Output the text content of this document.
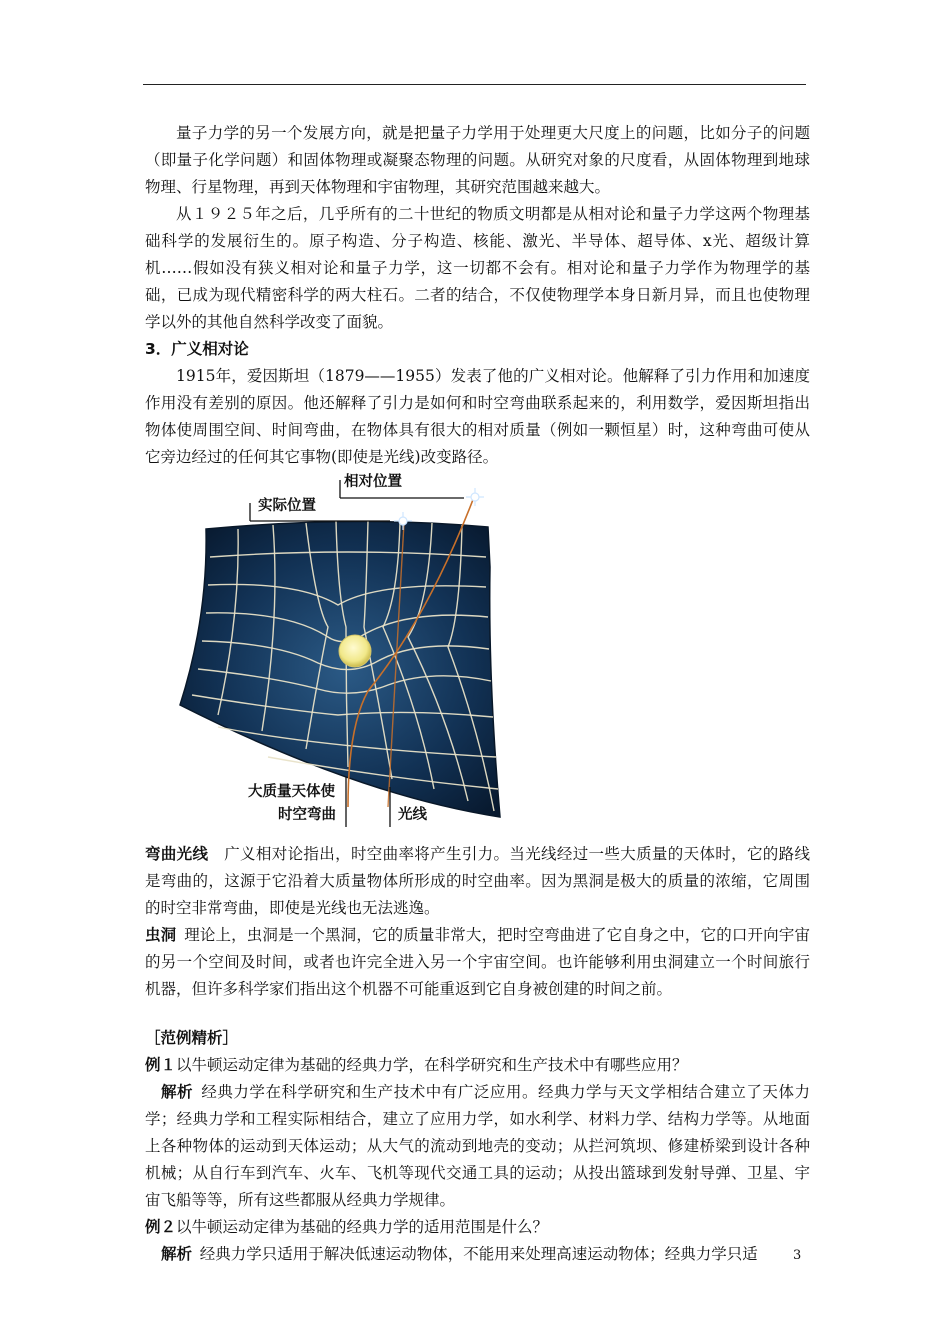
量子力学的另一个发展方向，就是把量子力学用于处理更大尺度上的问题，比如分子的问题（即量子化学问题）和固体物理或凝聚态物理的问题。从研究对象的尺度看，从固体物理到地球物理、行星物理，再到天体物理和宇宙物理，其研究范围越来越大。

从１９２５年之后，几乎所有的二十世纪的物质文明都是从相对论和量子力学这两个物理基础科学的发展衍生的。原子构造、分子构造、核能、激光、半导体、超导体、x光、超级计算机……假如没有狭义相对论和量子力学，这一切都不会有。相对论和量子力学作为物理学的基础，已成为现代精密科学的两大柱石。二者的结合，不仅使物理学本身日新月异，而且也使物理学以外的其他自然科学改变了面貌。

3．广义相对论

1915年，爱因斯坦（1879——1955）发表了他的广义相对论。他解释了引力作用和加速度作用没有差别的原因。他还解释了引力是如何和时空弯曲联系起来的，利用数学，爱因斯坦指出物体使周围空间、时间弯曲，在物体具有很大的相对质量（例如一颗恒星）时，这种弯曲可使从它旁边经过的任何其它事物(即使是光线)改变路径。

相对位置
实际位置
大质量天体使
时空弯曲	光线

弯曲光线  广义相对论指出，时空曲率将产生引力。当光线经过一些大质量的天体时，它的路线是弯曲的，这源于它沿着大质量物体所形成的时空曲率。因为黑洞是极大的质量的浓缩，它周围的时空非常弯曲，即使是光线也无法逃逸。

虫洞  理论上，虫洞是一个黑洞，它的质量非常大，把时空弯曲进了它自身之中，它的口开向宇宙的另一个空间及时间，或者也许完全进入另一个宇宙空间。也许能够利用虫洞建立一个时间旅行机器，但许多科学家们指出这个机器不可能重返到它自身被创建的时间之前。

［范例精析］

例１以牛顿运动定律为基础的经典力学，在科学研究和生产技术中有哪些应用？

解析  经典力学在科学研究和生产技术中有广泛应用。经典力学与天文学相结合建立了天体力学；经典力学和工程实际相结合，建立了应用力学，如水利学、材料力学、结构力学等。从地面上各种物体的运动到天体运动；从大气的流动到地壳的变动；从拦河筑坝、修建桥梁到设计各种机械；从自行车到汽车、火车、飞机等现代交通工具的运动；从投出篮球到发射导弹、卫星、宇宙飞船等等，所有这些都服从经典力学规律。

例２以牛顿运动定律为基础的经典力学的适用范围是什么？

解析  经典力学只适用于解决低速运动物体，不能用来处理高速运动物体；经典力学只适	3
